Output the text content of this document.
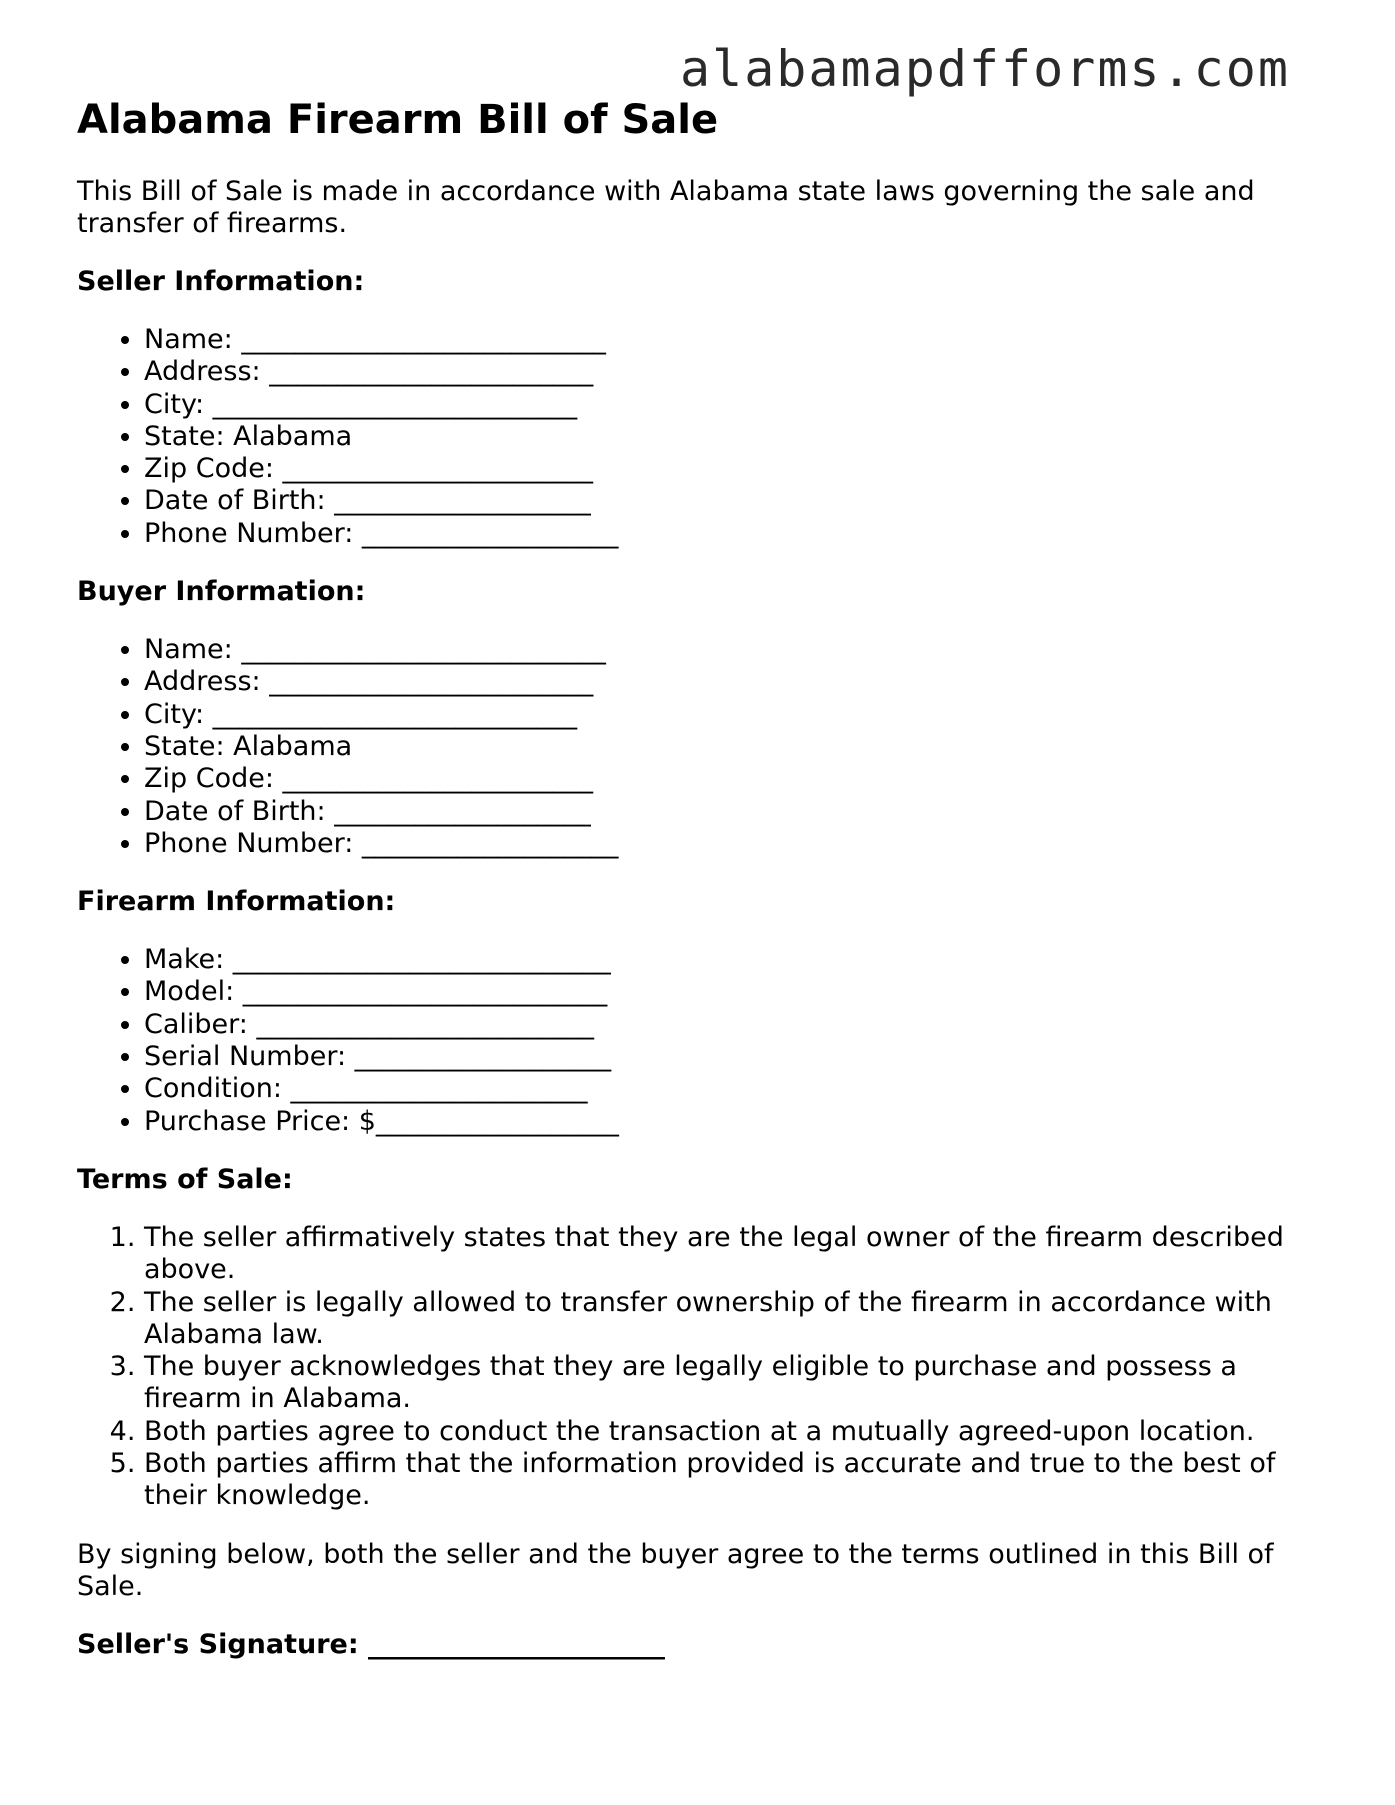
alabamapdfforms.com
Alabama Firearm Bill of Sale

This Bill of Sale is made in accordance with Alabama state laws governing the sale and transfer of firearms.

Seller Information:
• Name: ___________________________
• Address: ________________________
• City: ___________________________
• State: Alabama
• Zip Code: _______________________
• Date of Birth: ___________________
• Phone Number: ___________________
Buyer Information:
• Name: ___________________________
• Address: ________________________
• City: ___________________________
• State: Alabama
• Zip Code: _______________________
• Date of Birth: ___________________
• Phone Number: ___________________
Firearm Information:
• Make: ____________________________
• Model: ___________________________
• Caliber: _________________________
• Serial Number: ___________________
• Condition: ______________________
• Purchase Price: $__________________
Terms of Sale:
1. The seller affirmatively states that they are the legal owner of the firearm described above.
2. The seller is legally allowed to transfer ownership of the firearm in accordance with Alabama law.
3. The buyer acknowledges that they are legally eligible to purchase and possess a firearm in Alabama.
4. Both parties agree to conduct the transaction at a mutually agreed-upon location.
5. Both parties affirm that the information provided is accurate and true to the best of their knowledge.

By signing below, both the seller and the buyer agree to the terms outlined in this Bill of Sale.

Seller's Signature: ______________________
